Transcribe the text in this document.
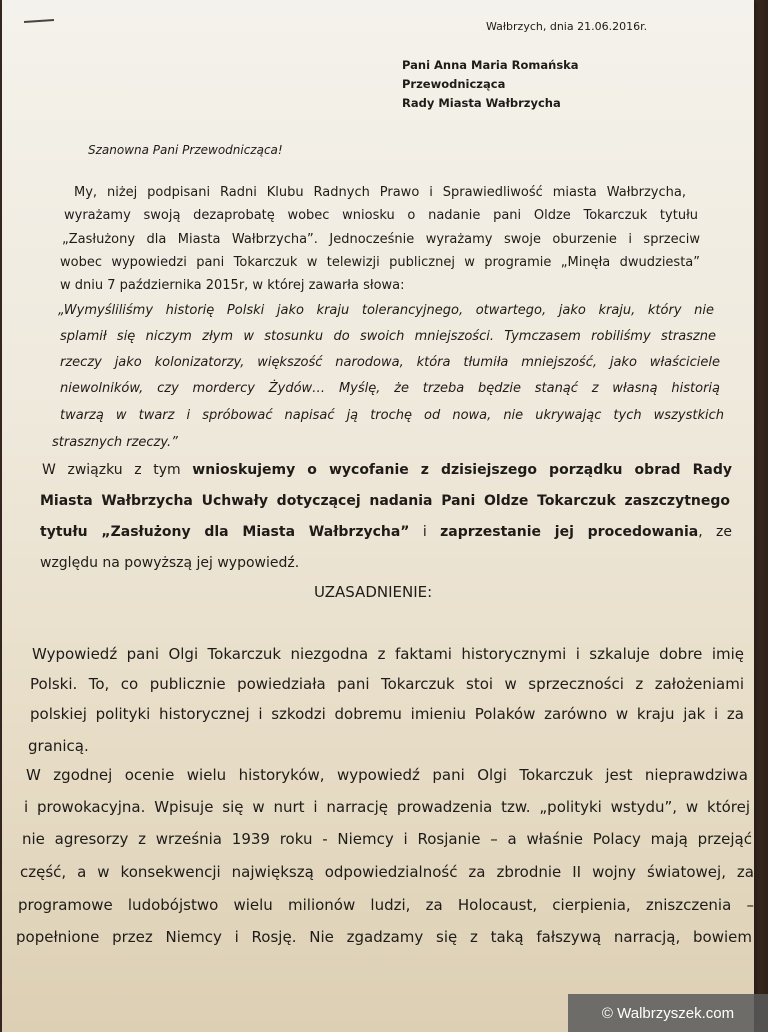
Wałbrzych, dnia 21.06.2016r.
Pani Anna Maria Romańska
Przewodnicząca
Rady Miasta Wałbrzycha
Szanowna Pani Przewodnicząca!
My, niżej podpisani Radni Klubu Radnych Prawo i Sprawiedliwość miasta Wałbrzycha,
wyrażamy swoją dezaprobatę wobec wniosku o nadanie pani Oldze Tokarczuk tytułu
„Zasłużony dla Miasta Wałbrzycha”. Jednocześnie wyrażamy swoje oburzenie i sprzeciw
wobec wypowiedzi pani Tokarczuk w telewizji publicznej w programie „Minęła dwudziesta”
w dniu 7 października 2015r, w której zawarła słowa:
„Wymyśliliśmy historię Polski jako kraju tolerancyjnego, otwartego, jako kraju, który nie
splamił się niczym złym w stosunku do swoich mniejszości. Tymczasem robiliśmy straszne
rzeczy jako kolonizatorzy, większość narodowa, która tłumiła mniejszość, jako właściciele
niewolników, czy mordercy Żydów… Myślę, że trzeba będzie stanąć z własną historią
twarzą w twarz i spróbować napisać ją trochę od nowa, nie ukrywając tych wszystkich
strasznych rzeczy.”
W związku z tym wnioskujemy o wycofanie z dzisiejszego porządku obrad Rady
Miasta Wałbrzycha Uchwały dotyczącej nadania Pani Oldze Tokarczuk zaszczytnego
tytułu „Zasłużony dla Miasta Wałbrzycha” i zaprzestanie jej procedowania, ze
względu na powyższą jej wypowiedź.
UZASADNIENIE:
Wypowiedź pani Olgi Tokarczuk niezgodna z faktami historycznymi i szkaluje dobre imię
Polski. To, co publicznie powiedziała pani Tokarczuk stoi w sprzeczności z założeniami
polskiej polityki historycznej i szkodzi dobremu imieniu Polaków zarówno w kraju jak i za
granicą.
W zgodnej ocenie wielu historyków, wypowiedź pani Olgi Tokarczuk jest nieprawdziwa
i prowokacyjna. Wpisuje się w nurt i narrację prowadzenia tzw. „polityki wstydu”, w której
nie agresorzy z września 1939 roku - Niemcy i Rosjanie – a właśnie Polacy mają przejąć
część, a w konsekwencji największą odpowiedzialność za zbrodnie II wojny światowej, za
programowe ludobójstwo wielu milionów ludzi, za Holocaust, cierpienia, zniszczenia –
popełnione przez Niemcy i Rosję. Nie zgadzamy się z taką fałszywą narracją, bowiem
© Walbrzyszek.com
